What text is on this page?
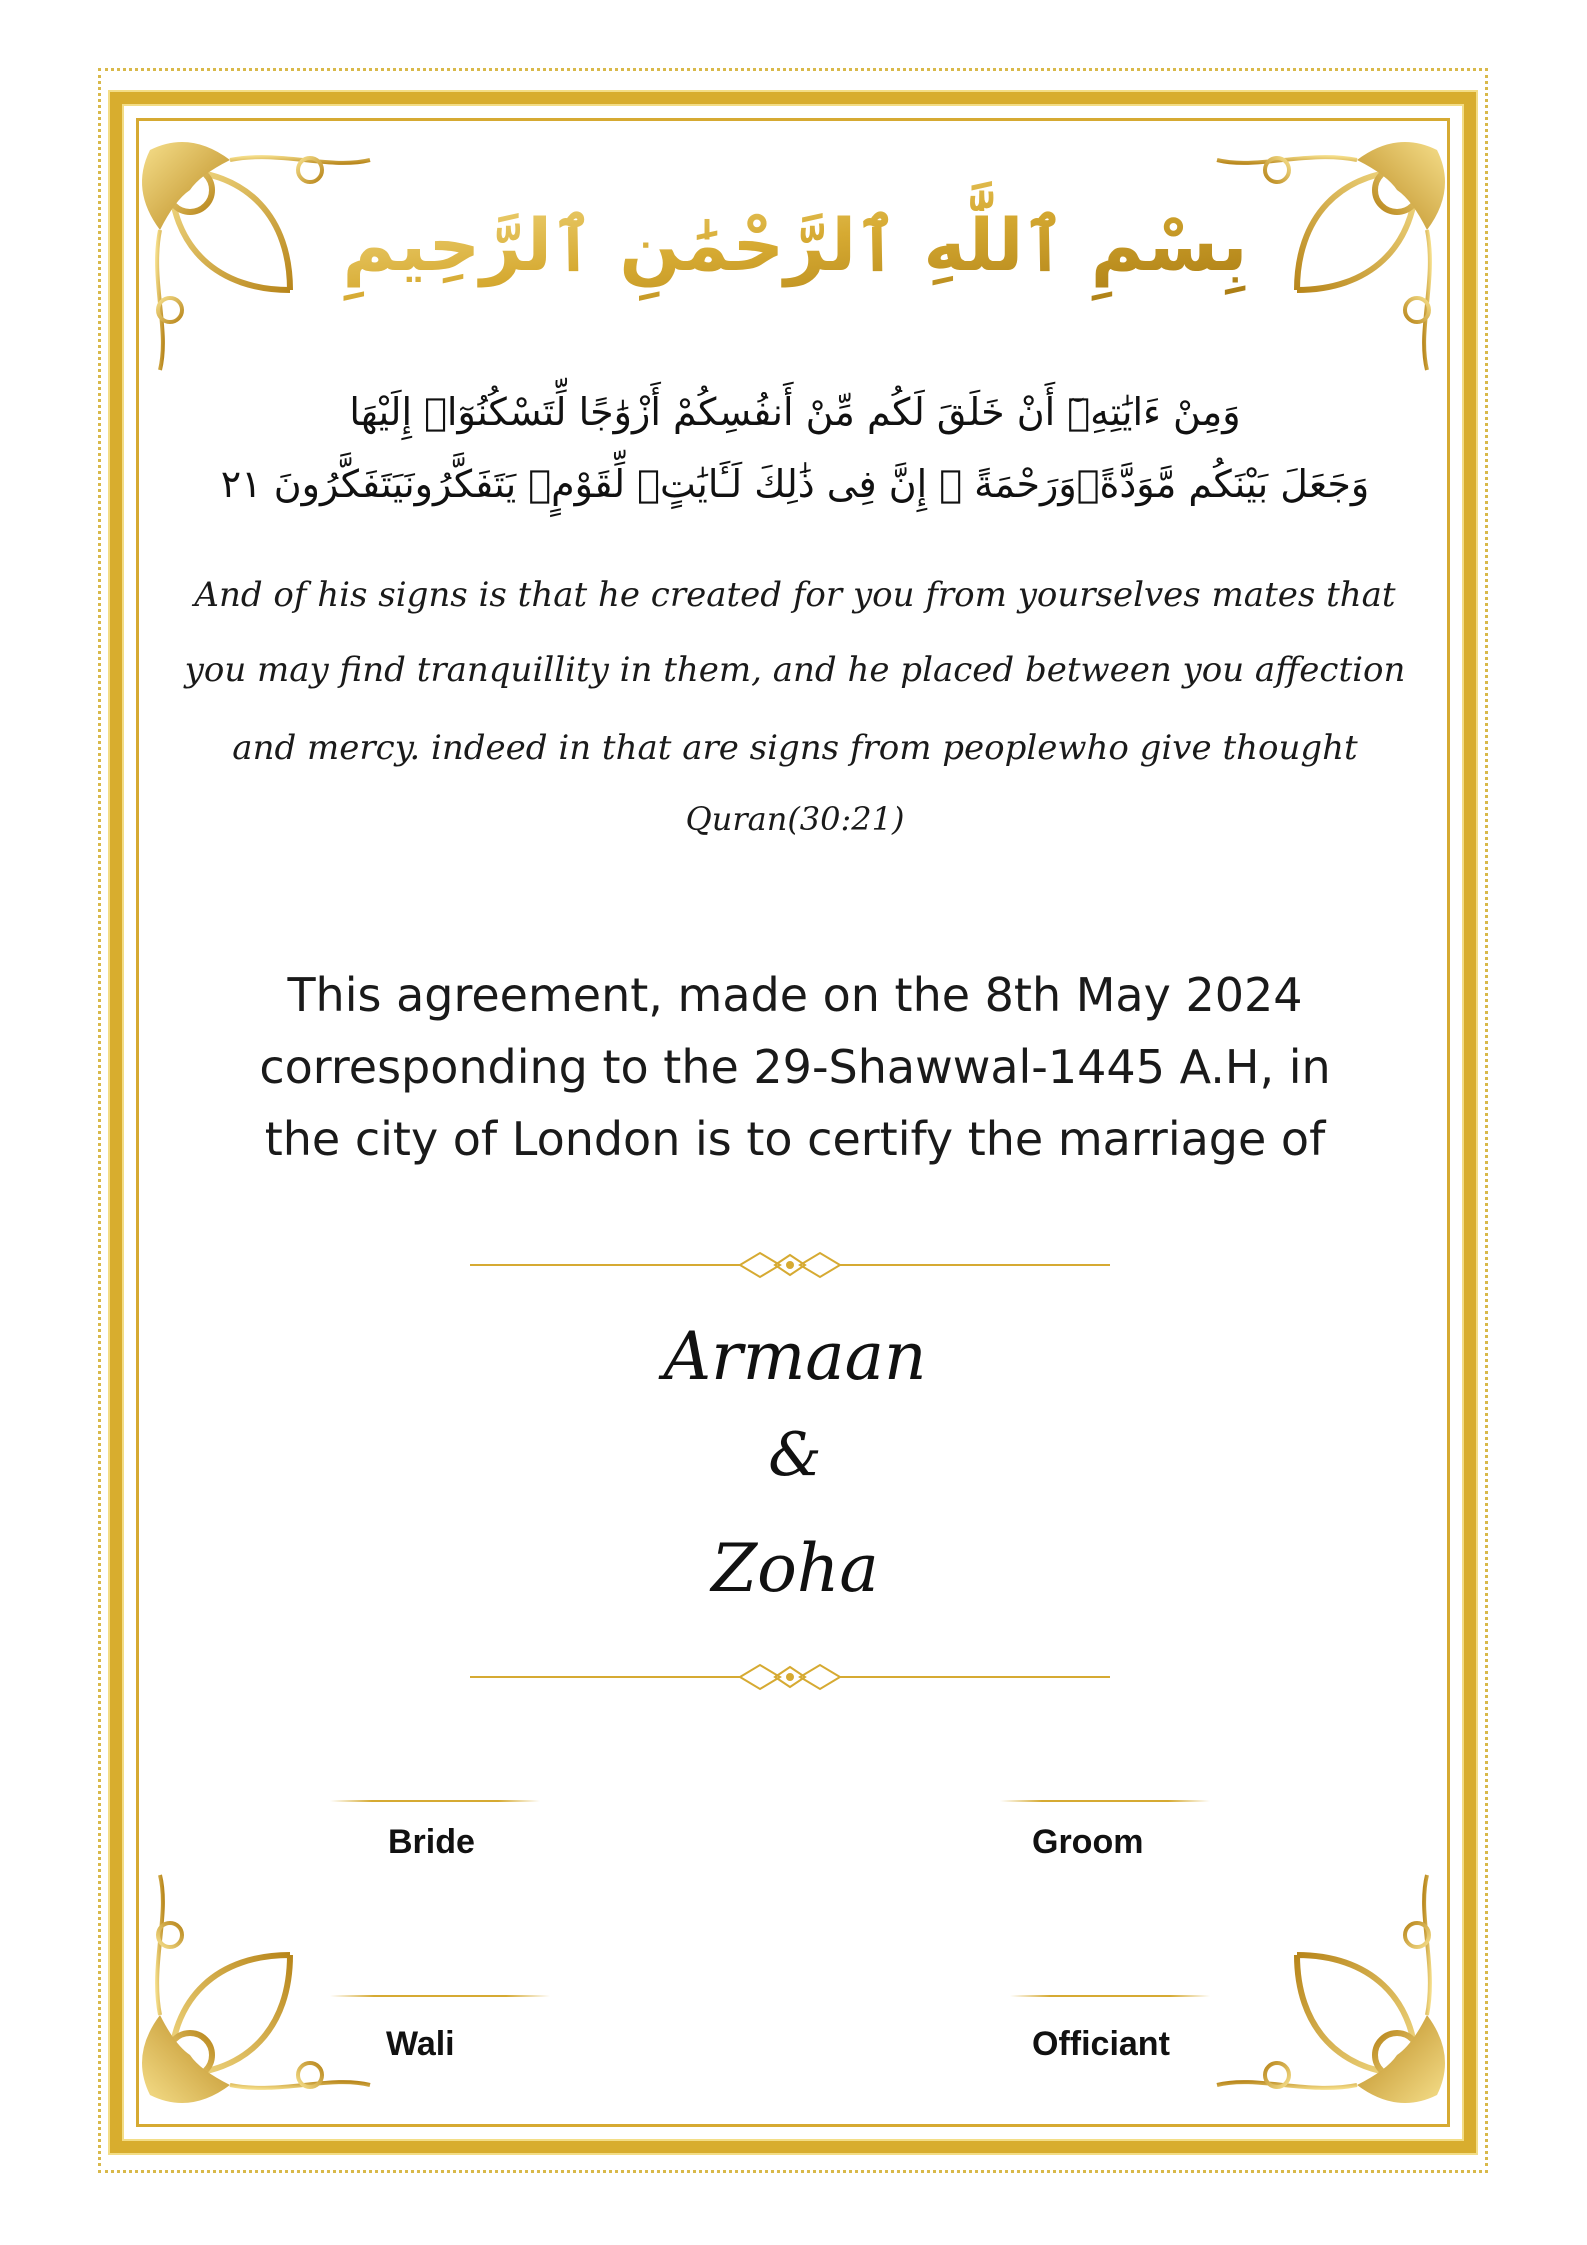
بِسْمِ ٱللَّٰهِ ٱلرَّحْمَٰنِ ٱلرَّحِيمِ
وَمِنْ ءَايَٰتِهِۦٓ أَنْ خَلَقَ لَكُم مِّنْ أَنفُسِكُمْ أَزْوَٰجًا لِّتَسْكُنُوٓا۟ إِلَيْهَا
وَجَعَلَ بَيْنَكُم مَّوَدَّةًۭوَرَحْمَةً ۚ إِنَّ فِى ذَٰلِكَ لَـَٔايَٰتٍۢ لِّقَوْمٍۢ يَتَفَكَّرُونَيَتَفَكَّرُونَ ٢١
And of his signs is that he created for you from yourselves mates that
you may find tranquillity in them, and he placed between you affection
and mercy. indeed in that are signs from peoplewho give thought
Quran(30:21)
This agreement, made on the 8th May 2024
corresponding to the 29-Shawwal-1445 A.H, in
the city of London is to certify the marriage of
Armaan
&
Zoha
Bride	Groom
Wali	Officiant
